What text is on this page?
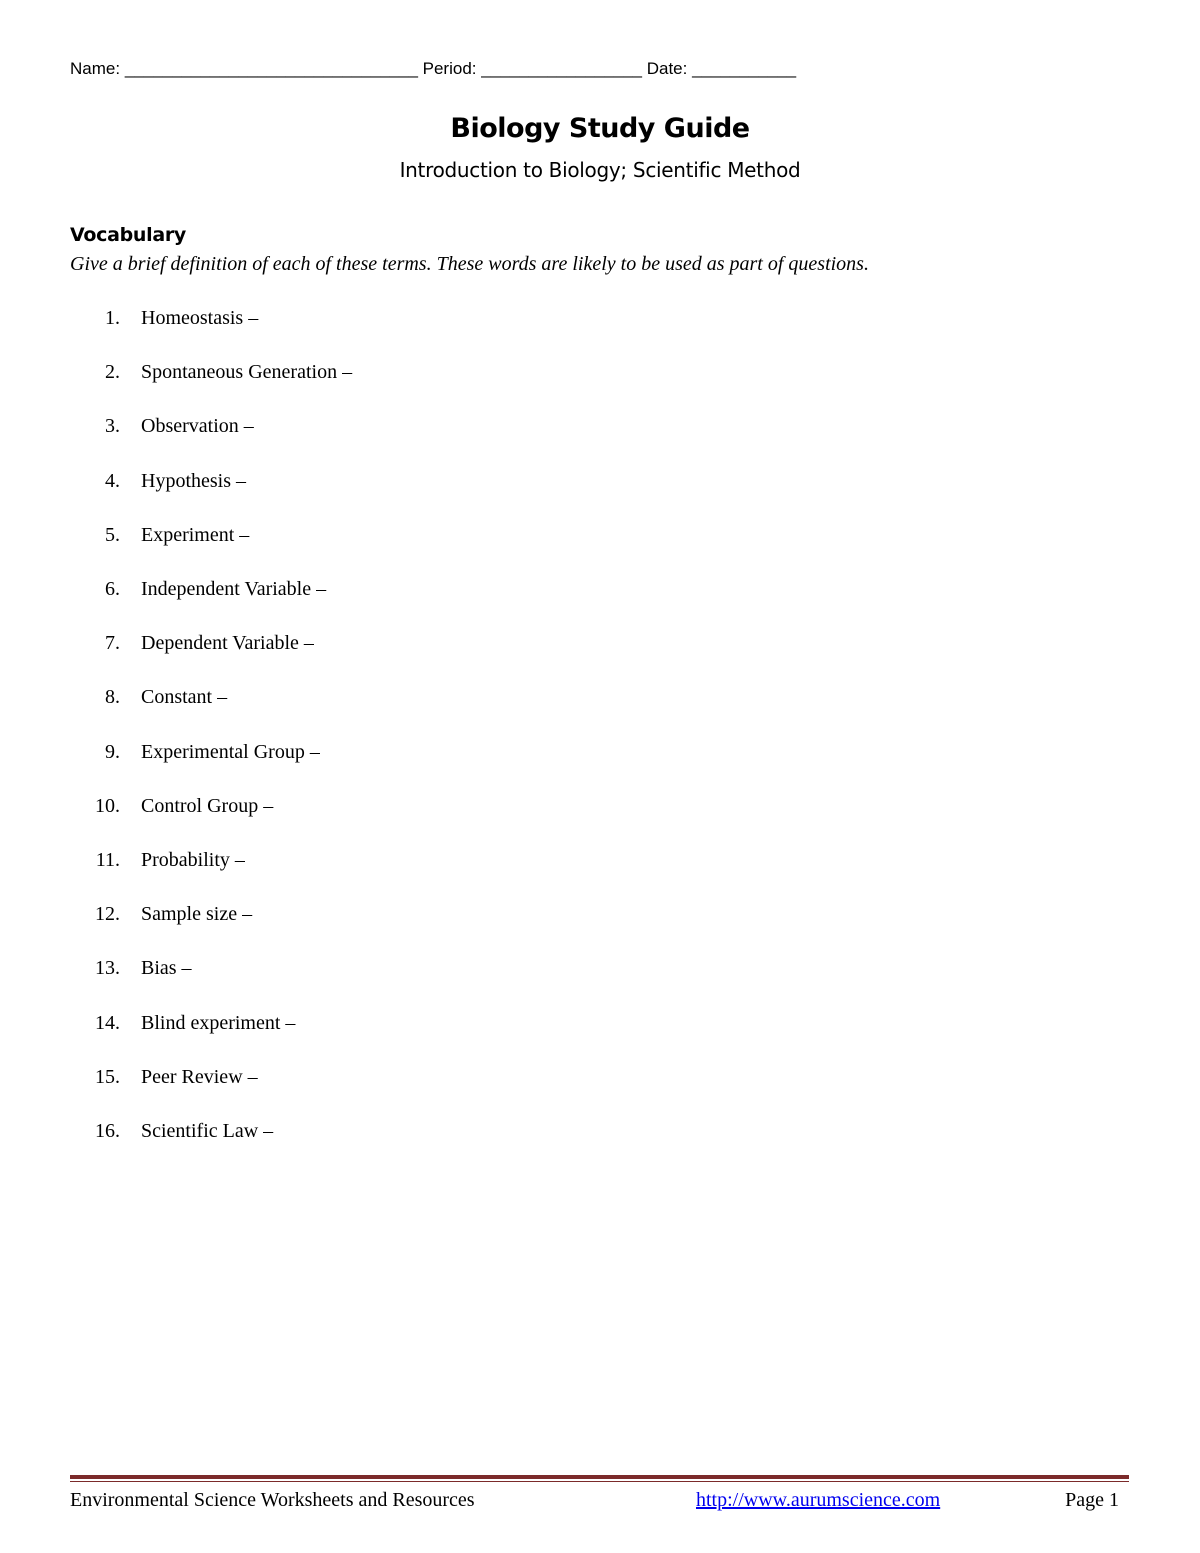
Name: _______________________________ Period: _________________ Date: ___________
Biology Study Guide
Introduction to Biology; Scientific Method
Vocabulary
Give a brief definition of each of these terms. These words are likely to be used as part of questions.
1. Homeostasis –
2. Spontaneous Generation –
3. Observation –
4. Hypothesis –
5. Experiment –
6. Independent Variable –
7. Dependent Variable –
8. Constant –
9. Experimental Group –
10. Control Group –
11. Probability –
12. Sample size –
13. Bias –
14. Blind experiment –
15. Peer Review –
16. Scientific Law –
Environmental Science Worksheets and Resources	http://www.aurumscience.com	Page 1
